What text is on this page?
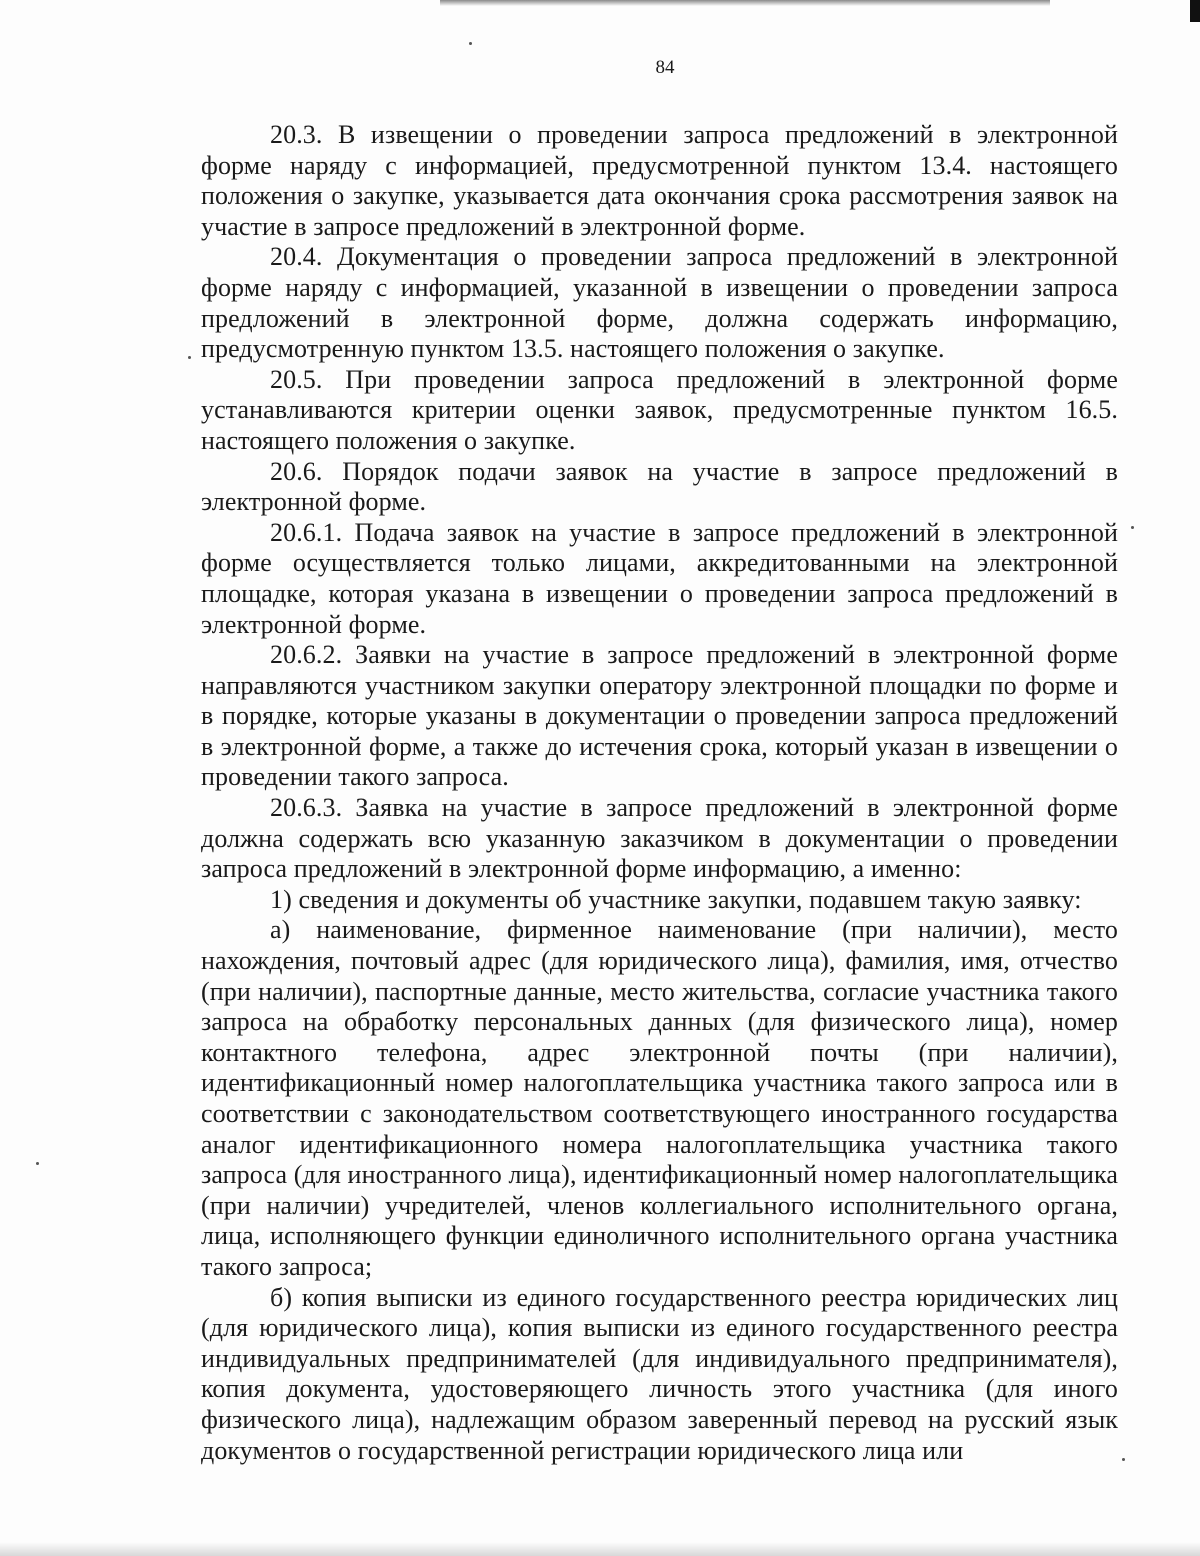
84

20.3. В извещении о проведении запроса предложений в электронной форме наряду с информацией, предусмотренной пунктом 13.4. настоящего положения о закупке, указывается дата окончания срока рассмотрения заявок на участие в запросе предложений в электронной форме.

20.4. Документация о проведении запроса предложений в электронной форме наряду с информацией, указанной в извещении о проведении запроса предложений в электронной форме, должна содержать информацию, предусмотренную пунктом 13.5. настоящего положения о закупке.

20.5. При проведении запроса предложений в электронной форме устанавливаются критерии оценки заявок, предусмотренные пунктом 16.5. настоящего положения о закупке.

20.6. Порядок подачи заявок на участие в запросе предложений в электронной форме.

20.6.1. Подача заявок на участие в запросе предложений в электронной форме осуществляется только лицами, аккредитованными на электронной площадке, которая указана в извещении о проведении запроса предложений в электронной форме.

20.6.2. Заявки на участие в запросе предложений в электронной форме направляются участником закупки оператору электронной площадки по форме и в порядке, которые указаны в документации о проведении запроса предложений в электронной форме, а также до истечения срока, который указан в извещении о проведении такого запроса.

20.6.3. Заявка на участие в запросе предложений в электронной форме должна содержать всю указанную заказчиком в документации о проведении запроса предложений в электронной форме информацию, а именно:

1) сведения и документы об участнике закупки, подавшем такую заявку:

а) наименование, фирменное наименование (при наличии), место нахождения, почтовый адрес (для юридического лица), фамилия, имя, отчество (при наличии), паспортные данные, место жительства, согласие участника такого запроса на обработку персональных данных (для физического лица), номер контактного телефона, адрес электронной почты (при наличии), идентификационный номер налогоплательщика участника такого запроса или в соответствии с законодательством соответствующего иностранного государства аналог идентификационного номера налогоплательщика участника такого запроса (для иностранного лица), идентификационный номер налогоплательщика (при наличии) учредителей, членов коллегиального исполнительного органа, лица, исполняющего функции единоличного исполнительного органа участника такого запроса;

б) копия выписки из единого государственного реестра юридических лиц (для юридического лица), копия выписки из единого государственного реестра индивидуальных предпринимателей (для индивидуального предпринимателя), копия документа, удостоверяющего личность этого участника (для иного физического лица), надлежащим образом заверенный перевод на русский язык документов о государственной регистрации юридического лица или
